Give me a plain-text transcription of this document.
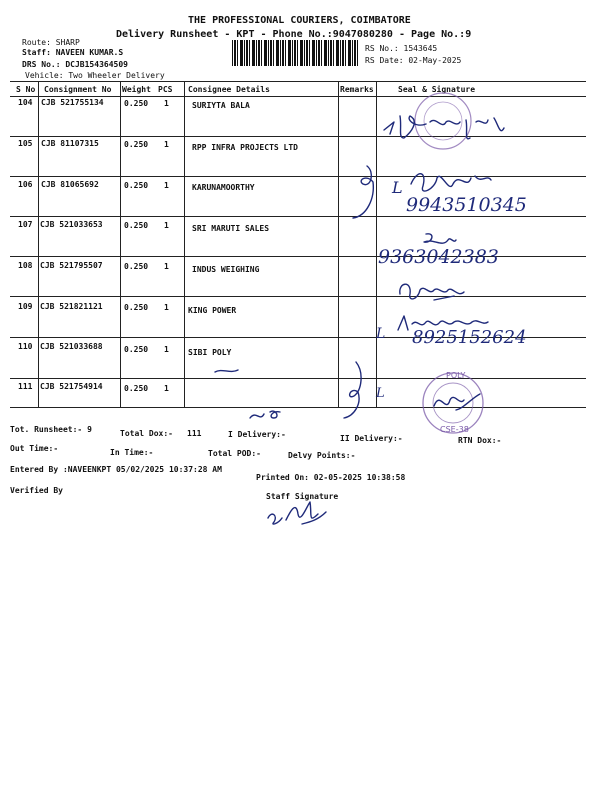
THE PROFESSIONAL COURIERS, COIMBATORE
Delivery Runsheet - KPT - Phone No.:9047080280 - Page No.:9
Route: SHARP
Staff: NAVEEN KUMAR.S
DRS No.: DCJB154364509
Vehicle: Two Wheeler Delivery
RS No.: 1543645
RS Date: 02-May-2025
S No Consignment No Weight PCS Consignee Details	Remarks	Seal & Signature
104 CJB 521755134	0.250 1	SURIYTA BALA
105 CJB 81107315	0.250 1	RPP INFRA PROJECTS LTD
106 CJB 81065692	0.250 1	KARUNAMOORTHY
107 CJB 521033653	0.250 1	SRI MARUTI SALES
108 CJB 521795507	0.250 1	INDUS WEIGHING
109 CJB 521821121	0.250 1 KING POWER
110 CJB 521033688	0.250 1 SIBI POLY
111 CJB 521754914	0.250 1
L
9943510345
9363042383
L 8925152624
L
POLY
CSE-38
Tot. Runsheet:- 9	Total Dox:- 111	I Delivery:-	II Delivery:-	RTN Dox:-
Out Time:-	In Time:-	Total POD:-	Delvy Points:-
Entered By :NAVEENKPT 05/02/2025 10:37:28 AM
Printed On: 02-05-2025 10:38:58
Verified By
Staff Signature
